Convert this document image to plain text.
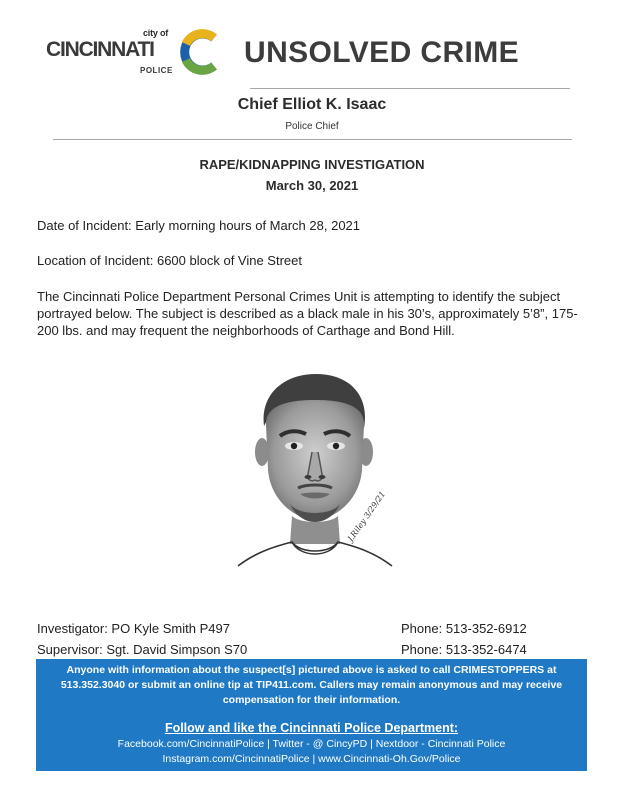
city of
CINCINNATI
POLICE
UNSOLVED CRIME
Chief Elliot K. Isaac
Police Chief
RAPE/KIDNAPPING INVESTIGATION
March 30, 2021
Date of Incident: Early morning hours of March 28, 2021
Location of Incident: 6600 block of Vine Street
The Cincinnati Police Department Personal Crimes Unit is attempting to identify the subject
portrayed below. The subject is described as a black male in his 30’s, approximately 5’8”, 175-
200 lbs. and may frequent the neighborhoods of Carthage and Bond Hill.
J.Riley 3/29/21
Investigator: PO Kyle Smith P497	Phone: 513-352-6912
Supervisor: Sgt. David Simpson S70	Phone: 513-352-6474
Anyone with information about the suspect[s] pictured above is asked to call CRIMESTOPPERS at
513.352.3040 or submit an online tip at TIP411.com. Callers may remain anonymous and may receive
compensation for their information.
Follow and like the Cincinnati Police Department:
Facebook.com/CincinnatiPolice | Twitter - @ CincyPD | Nextdoor - Cincinnati Police
Instagram.com/CincinnatiPolice | www.Cincinnati-Oh.Gov/Police
